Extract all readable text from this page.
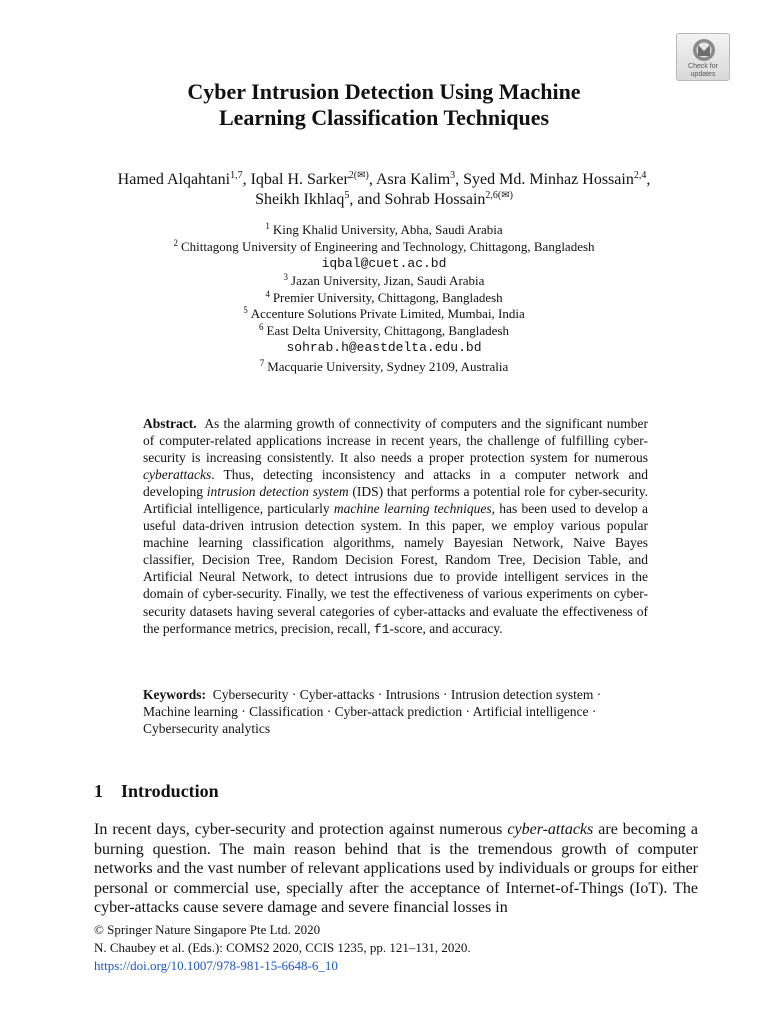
Check for
updates
Cyber Intrusion Detection Using Machine
Learning Classification Techniques
Hamed Alqahtani$^{1,7}$, Iqbal H. Sarker$^{2(✉)}$, Asra Kalim$^3$, Syed Md. Minhaz Hossain$^{2,4}$,
Sheikh Ikhlaq$^5$, and Sohrab Hossain$^{2,6(✉)}$
$^1$ King Khalid University, Abha, Saudi Arabia
$^2$ Chittagong University of Engineering and Technology, Chittagong, Bangladesh
iqbal@cuet.ac.bd
$^3$ Jazan University, Jizan, Saudi Arabia
$^4$ Premier University, Chittagong, Bangladesh
$^5$ Accenture Solutions Private Limited, Mumbai, India
$^6$ East Delta University, Chittagong, Bangladesh
sohrab.h@eastdelta.edu.bd
$^7$ Macquarie University, Sydney 2109, Australia

Abstract. As the alarming growth of connectivity of computers and the significant number of computer-related applications increase in recent years, the challenge of fulfilling cyber-security is increasing consistently. It also needs a proper protection system for numerous cyberattacks. Thus, detecting inconsistency and attacks in a computer network and developing intrusion detection system (IDS) that performs a potential role for cyber-security. Artificial intelligence, particularly machine learning techniques, has been used to develop a useful data-driven intrusion detection system. In this paper, we employ various popular machine learning classification algorithms, namely Bayesian Network, Naive Bayes classifier, Decision Tree, Random Decision Forest, Random Tree, Decision Table, and Artificial Neural Network, to detect intrusions due to provide intelligent services in the domain of cyber-security. Finally, we test the effectiveness of various experiments on cyber-security datasets having several categories of cyber-attacks and evaluate the effectiveness of the performance metrics, precision, recall, f1-score, and accuracy.

Keywords: Cybersecurity · Cyber-attacks · Intrusions · Intrusion detection system · Machine learning · Classification · Cyber-attack prediction · Artificial intelligence · Cybersecurity analytics

1 Introduction

In recent days, cyber-security and protection against numerous cyber-attacks are becoming a burning question. The main reason behind that is the tremendous growth of computer networks and the vast number of relevant applications used by individuals or groups for either personal or commercial use, specially after the acceptance of Internet-of-Things (IoT). The cyber-attacks cause severe damage and severe financial losses in

© Springer Nature Singapore Pte Ltd. 2020
N. Chaubey et al. (Eds.): COMS2 2020, CCIS 1235, pp. 121–131, 2020.
https://doi.org/10.1007/978-981-15-6648-6_10
